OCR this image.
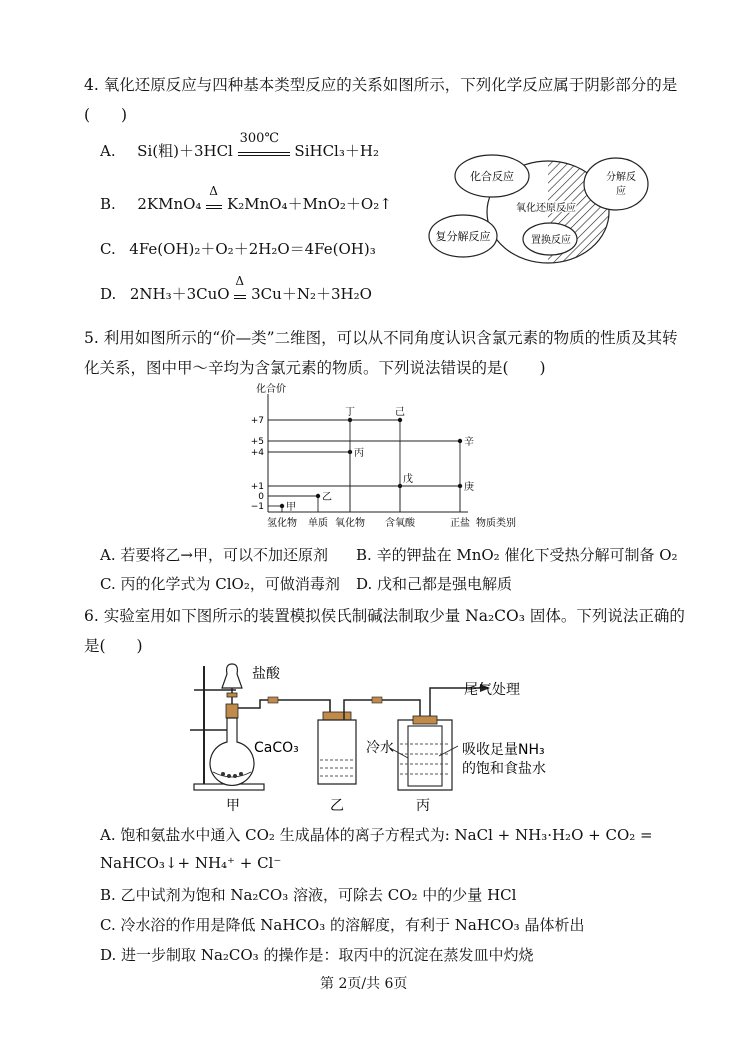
4. 氧化还原反应与四种基本类型反应的关系如图所示，下列化学反应属于阴影部分的是
(　　)
A. Si(粗)＋3HCl
300℃
SiHCl₃＋H₂
B. 2KMnO₄
Δ
K₂MnO₄＋MnO₂＋O₂↑
C. 4Fe(OH)₂＋O₂＋2H₂O＝4Fe(OH)₃
D. 2NH₃＋3CuO
Δ
3Cu＋N₂＋3H₂O
化合反应	分解反
应
氧化还原反应
复分解反应	置换反应
5. 利用如图所示的“价—类”二维图，可以从不同角度认识含氯元素的物质的性质及其转
化关系，图中甲～辛均为含氯元素的物质。下列说法错误的是(　　)
化合价
物质类别
+7
+5
+4
+1
0
−1
氢化物 单质 氧化物 含氧酸	正盐
甲
乙
丙
丁
戊
己
庚
辛
A. 若要将乙→甲，可以不加还原剂 B. 辛的钾盐在 MnO₂ 催化下受热分解可制备 O₂
C. 丙的化学式为 ClO₂，可做消毒剂 D. 戊和己都是强电解质
6. 实验室用如下图所示的装置模拟侯氏制碱法制取少量 Na₂CO₃ 固体。下列说法正确的
是(　　)
盐酸
CaCO₃
尾气处理
冷水	吸收足量NH₃
的饱和食盐水
甲	乙	丙
A. 饱和氨盐水中通入 CO₂ 生成晶体的离子方程式为: NaCl + NH₃·H₂O + CO₂ =
NaHCO₃↓+ NH₄⁺ + Cl⁻
B. 乙中试剂为饱和 Na₂CO₃ 溶液，可除去 CO₂ 中的少量 HCl
C. 冷水浴的作用是降低 NaHCO₃ 的溶解度，有利于 NaHCO₃ 晶体析出
D. 进一步制取 Na₂CO₃ 的操作是：取丙中的沉淀在蒸发皿中灼烧
第 2页/共 6页
